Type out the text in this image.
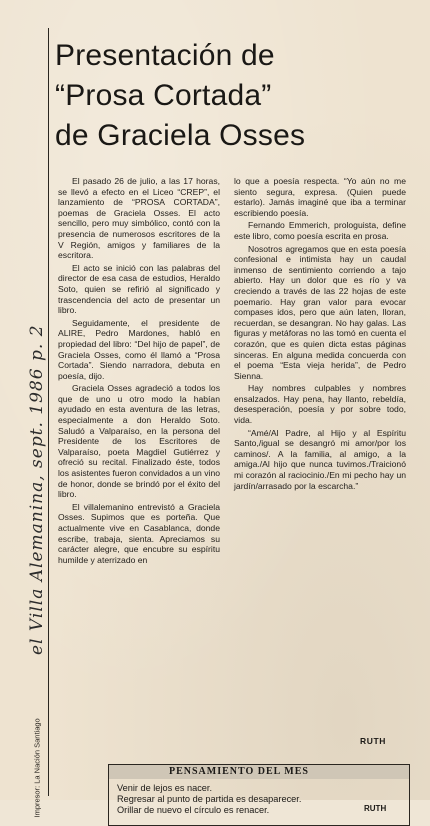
Presentación de
“Prosa Cortada”
de Graciela Osses

El pasado 26 de julio, a las 17 horas, se llevó a efecto en el Liceo “CREP”, el lanzamiento de “PROSA CORTADA”, poemas de Graciela Osses. El acto sencillo, pero muy simbólico, contó con la presencia de numerosos escritores de la V Región, amigos y familiares de la escritora.

El acto se inició con las palabras del director de esa casa de estudios, Heraldo Soto, quien se refirió al significado y trascendencia del acto de presentar un libro.

Seguidamente, el presidente de ALIRE, Pedro Mardones, habló en propiedad del libro: “Del hijo de papel”, de Graciela Osses, como él llamó a “Prosa Cortada”. Siendo narradora, debuta en poesía, dijo.

Graciela Osses agradeció a todos los que de uno u otro modo la habían ayudado en esta aventura de las letras, especialmente a don Heraldo Soto. Saludó a Valparaíso, en la persona del Presidente de los Escritores de Valparaíso, poeta Magdiel Gutiérrez y ofreció su recital. Finalizado éste, todos los asistentes fueron convidados a un vino de honor, donde se brindó por el éxito del libro.

El villalemanino entrevistó a Graciela Osses. Supimos que es porteña. Que actualmente vive en Casablanca, donde escribe, trabaja, sienta. Apreciamos su carácter alegre, que encubre su espíritu humilde y aterrizado en

lo que a poesía respecta. “Yo aún no me siento segura, expresa. (Quien puede estarlo). Jamás imaginé que iba a terminar escribiendo poesía.

Fernando Emmerich, prologuista, define este libro, como poesía escrita en prosa.

Nosotros agregamos que en esta poesía confesional e intimista hay un caudal inmenso de sentimiento corriendo a tajo abierto. Hay un dolor que es río y va creciendo a través de las 22 hojas de este poemario. Hay gran valor para evocar compases idos, pero que aún laten, lloran, recuerdan, se desangran. No hay galas. Las figuras y metáforas no las tomó en cuenta el corazón, que es quien dicta estas páginas sinceras. En alguna medida concuerda con el poema “Esta vieja herida”, de Pedro Sienna.

Hay nombres culpables y nombres ensalzados. Hay pena, hay llanto, rebeldía, desesperación, poesía y por sobre todo, vida.

“Amé/Al Padre, al Hijo y al Espíritu Santo,/igual se desangró mi amor/por los caminos/. A la familia, al amigo, a la amiga./Al hijo que nunca tuvimos./Traicionó mi corazón al raciocinio./En mi pecho hay un jardín/arrasado por la escarcha.”

RUTH
el Villa Alemanina, sept. 1986 p. 2
Impresor: La Nación Santiago	PENSAMIENTO DEL MES
Venir de lejos es nacer.
Regresar al punto de partida es desaparecer.
Orillar de nuevo el círculo es renacer.	RUTH
